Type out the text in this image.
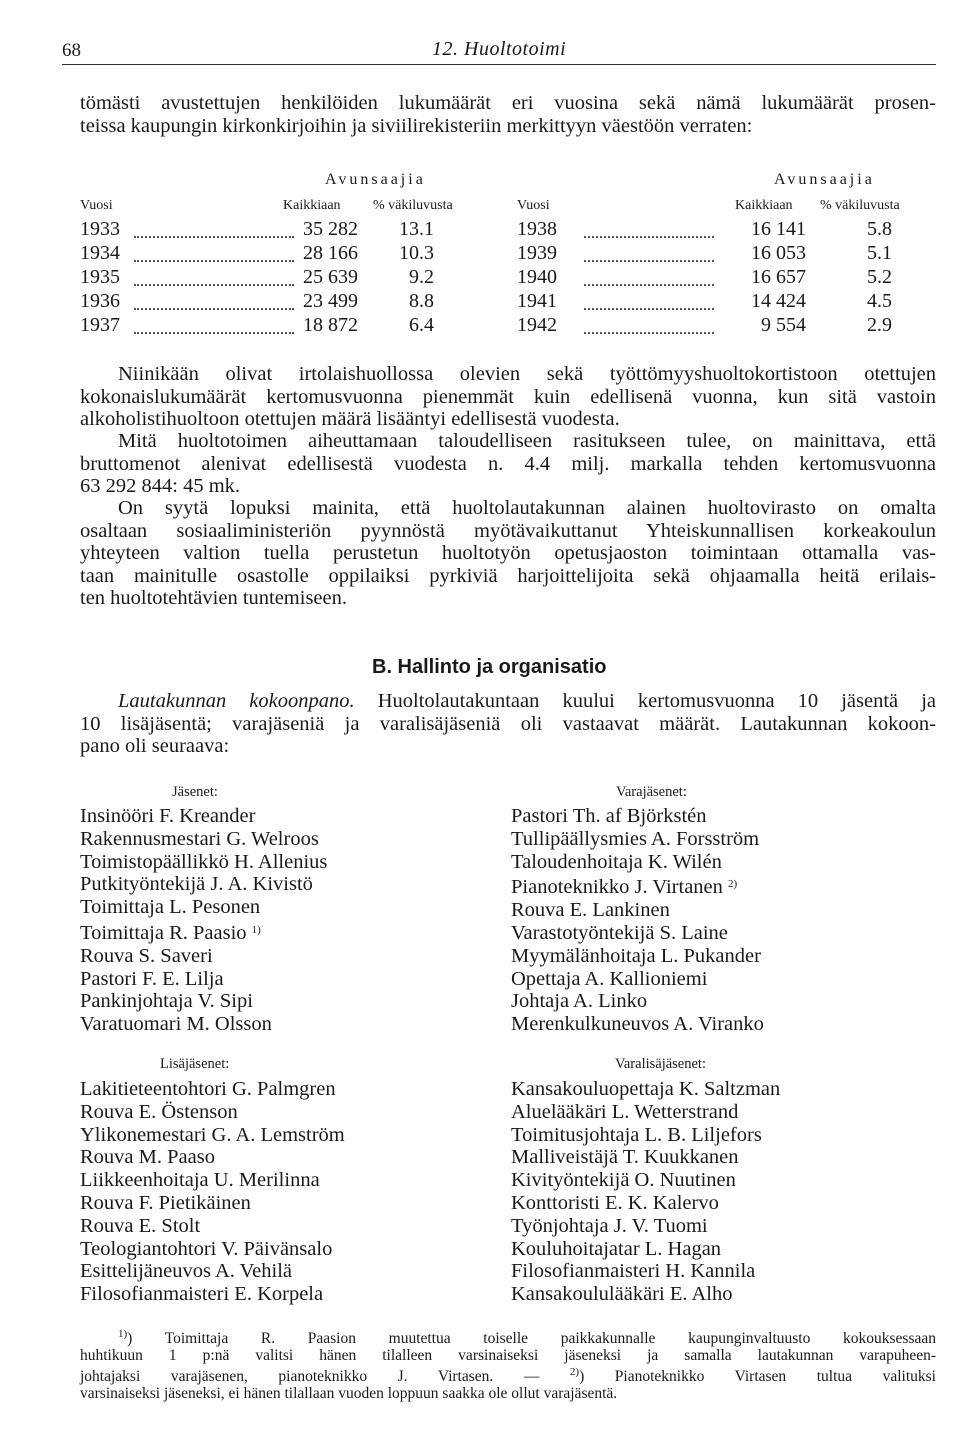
68	12. Huoltotoimi
tömästi avustettujen henkilöiden lukumäärät eri vuosina sekä nämä lukumäärät prosen-
teissa kaupungin kirkonkirjoihin ja siviilirekisteriin merkittyyn väestöön verraten:
Avunsaajia	Avunsaajia
Vuosi	Kaikkiaan % väkiluvusta	Vuosi	Kaikkiaan % väkiluvusta
1933	35 282	13.1
1934	28 166	10.3
1935	25 639	9.2
1936	23 499	8.8
1937	18 872	6.4
1938	16 141	5.8
1939	16 053	5.1
1940	16 657	5.2
1941	14 424	4.5
1942	9 554	2.9
Niinikään olivat irtolaishuollossa olevien sekä työttömyyshuoltokortistoon otettujen
kokonaislukumäärät kertomusvuonna pienemmät kuin edellisenä vuonna, kun sitä vastoin
alkoholistihuoltoon otettujen määrä lisääntyi edellisestä vuodesta.
Mitä huoltotoimen aiheuttamaan taloudelliseen rasitukseen tulee, on mainittava, että
bruttomenot alenivat edellisestä vuodesta n. 4.4 milj. markalla tehden kertomusvuonna
63 292 844: 45 mk.
On syytä lopuksi mainita, että huoltolautakunnan alainen huoltovirasto on omalta
osaltaan sosiaaliministeriön pyynnöstä myötävaikuttanut Yhteiskunnallisen korkeakoulun
yhteyteen valtion tuella perustetun huoltotyön opetusjaoston toimintaan ottamalla vas-
taan mainitulle osastolle oppilaiksi pyrkiviä harjoittelijoita sekä ohjaamalla heitä erilais-
ten huoltotehtävien tuntemiseen.
B. Hallinto ja organisatio
Lautakunnan kokoonpano. Huoltolautakuntaan kuului kertomusvuonna 10 jäsentä ja
10 lisäjäsentä; varajäseniä ja varalisäjäseniä oli vastaavat määrät. Lautakunnan kokoon-
pano oli seuraava:
Jäsenet:
Insinööri F. Kreander
Rakennusmestari G. Welroos
Toimistopäällikkö H. Allenius
Putkityöntekijä J. A. Kivistö
Toimittaja L. Pesonen
Toimittaja R. Paasio $^{1)}$
Rouva S. Saveri
Pastori F. E. Lilja
Pankinjohtaja V. Sipi
Varatuomari M. Olsson
Varajäsenet:
Pastori Th. af Björkstén
Tullipäällysmies A. Forsström
Taloudenhoitaja K. Wilén
Pianoteknikko J. Virtanen $^{2)}$
Rouva E. Lankinen
Varastotyöntekijä S. Laine
Myymälänhoitaja L. Pukander
Opettaja A. Kallioniemi
Johtaja A. Linko
Merenkulkuneuvos A. Viranko
Lisäjäsenet:
Lakitieteentohtori G. Palmgren
Rouva E. Östenson
Ylikonemestari G. A. Lemström
Rouva M. Paaso
Liikkeenhoitaja U. Merilinna
Rouva F. Pietikäinen
Rouva E. Stolt
Teologiantohtori V. Päivänsalo
Esittelijäneuvos A. Vehilä
Filosofianmaisteri E. Korpela
Varalisäjäsenet:
Kansakouluopettaja K. Saltzman
Aluelääkäri L. Wetterstrand
Toimitusjohtaja L. B. Liljefors
Malliveistäjä T. Kuukkanen
Kivityöntekijä O. Nuutinen
Konttoristi E. K. Kalervo
Työnjohtaja J. V. Tuomi
Kouluhoitajatar L. Hagan
Filosofianmaisteri H. Kannila
Kansakoululääkäri E. Alho
$^{1)}$) Toimittaja R. Paasion muutettua toiselle paikkakunnalle kaupunginvaltuusto kokouksessaan
huhtikuun 1 p:nä valitsi hänen tilalleen varsinaiseksi jäseneksi ja samalla lautakunnan varapuheen-
johtajaksi varajäsenen, pianoteknikko J. Virtasen. — $^{2)}$) Pianoteknikko Virtasen tultua valituksi
varsinaiseksi jäseneksi, ei hänen tilallaan vuoden loppuun saakka ole ollut varajäsentä.
